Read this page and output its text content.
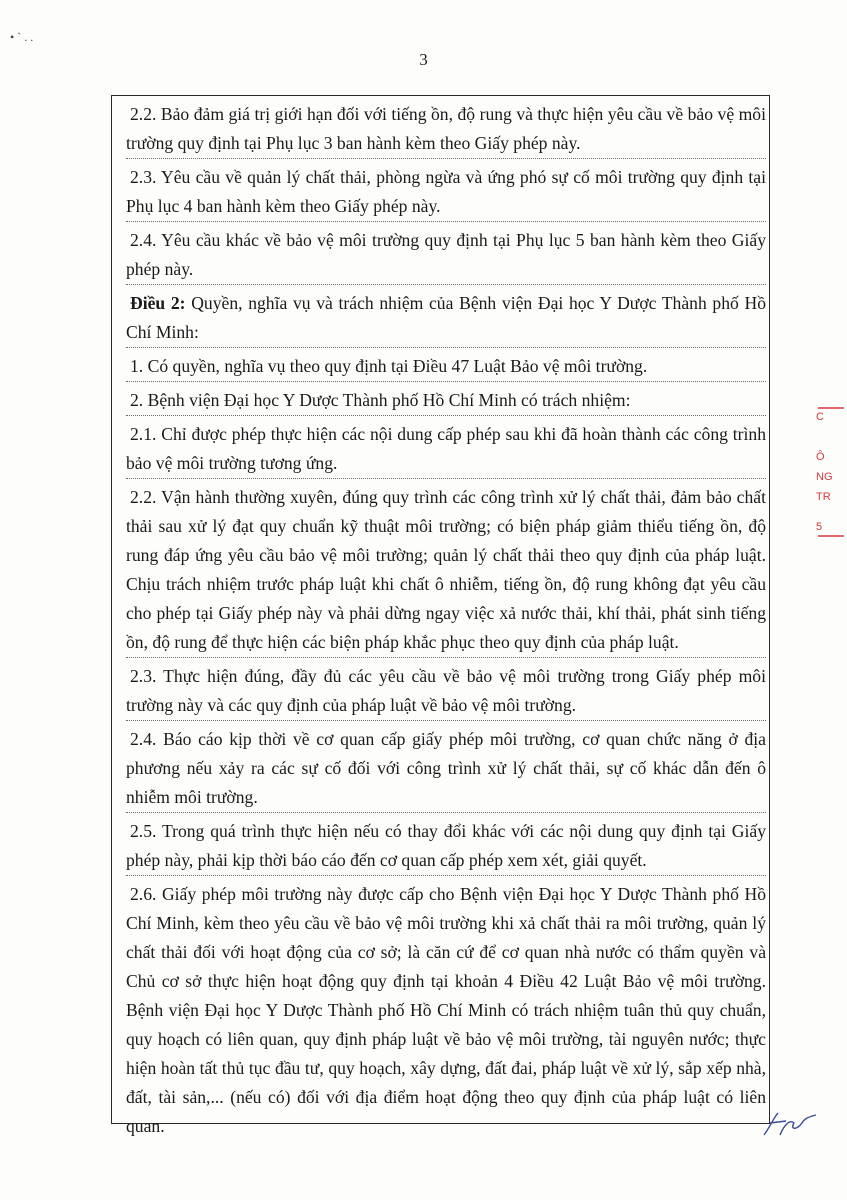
• ` . .
3

2.2. Bảo đảm giá trị giới hạn đối với tiếng ồn, độ rung và thực hiện yêu cầu về bảo vệ môi trường quy định tại Phụ lục 3 ban hành kèm theo Giấy phép này.

2.3. Yêu cầu về quản lý chất thải, phòng ngừa và ứng phó sự cố môi trường quy định tại Phụ lục 4 ban hành kèm theo Giấy phép này.

2.4. Yêu cầu khác về bảo vệ môi trường quy định tại Phụ lục 5 ban hành kèm theo Giấy phép này.

Điều 2: Quyền, nghĩa vụ và trách nhiệm của Bệnh viện Đại học Y Dược Thành phố Hồ Chí Minh:

1. Có quyền, nghĩa vụ theo quy định tại Điều 47 Luật Bảo vệ môi trường.

2. Bệnh viện Đại học Y Dược Thành phố Hồ Chí Minh có trách nhiệm:

2.1. Chỉ được phép thực hiện các nội dung cấp phép sau khi đã hoàn thành các công trình bảo vệ môi trường tương ứng.

2.2. Vận hành thường xuyên, đúng quy trình các công trình xử lý chất thải, đảm bảo chất thải sau xử lý đạt quy chuẩn kỹ thuật môi trường; có biện pháp giảm thiểu tiếng ồn, độ rung đáp ứng yêu cầu bảo vệ môi trường; quản lý chất thải theo quy định của pháp luật. Chịu trách nhiệm trước pháp luật khi chất ô nhiễm, tiếng ồn, độ rung không đạt yêu cầu cho phép tại Giấy phép này và phải dừng ngay việc xả nước thải, khí thải, phát sinh tiếng ồn, độ rung để thực hiện các biện pháp khắc phục theo quy định của pháp luật.

2.3. Thực hiện đúng, đầy đủ các yêu cầu về bảo vệ môi trường trong Giấy phép môi trường này và các quy định của pháp luật về bảo vệ môi trường.

2.4. Báo cáo kịp thời về cơ quan cấp giấy phép môi trường, cơ quan chức năng ở địa phương nếu xảy ra các sự cố đối với công trình xử lý chất thải, sự cố khác dẫn đến ô nhiễm môi trường.

2.5. Trong quá trình thực hiện nếu có thay đổi khác với các nội dung quy định tại Giấy phép này, phải kịp thời báo cáo đến cơ quan cấp phép xem xét, giải quyết.

2.6. Giấy phép môi trường này được cấp cho Bệnh viện Đại học Y Dược Thành phố Hồ Chí Minh, kèm theo yêu cầu về bảo vệ môi trường khi xả chất thải ra môi trường, quản lý chất thải đối với hoạt động của cơ sở; là căn cứ để cơ quan nhà nước có thẩm quyền và Chủ cơ sở thực hiện hoạt động quy định tại khoản 4 Điều 42 Luật Bảo vệ môi trường. Bệnh viện Đại học Y Dược Thành phố Hồ Chí Minh có trách nhiệm tuân thủ quy chuẩn, quy hoạch có liên quan, quy định pháp luật về bảo vệ môi trường, tài nguyên nước; thực hiện hoàn tất thủ tục đầu tư, quy hoạch, xây dựng, đất đai, pháp luật về xử lý, sắp xếp nhà, đất, tài sản,... (nếu có) đối với địa điểm hoạt động theo quy định của pháp luật có liên quan.

C
Ô
NG
TR
5
